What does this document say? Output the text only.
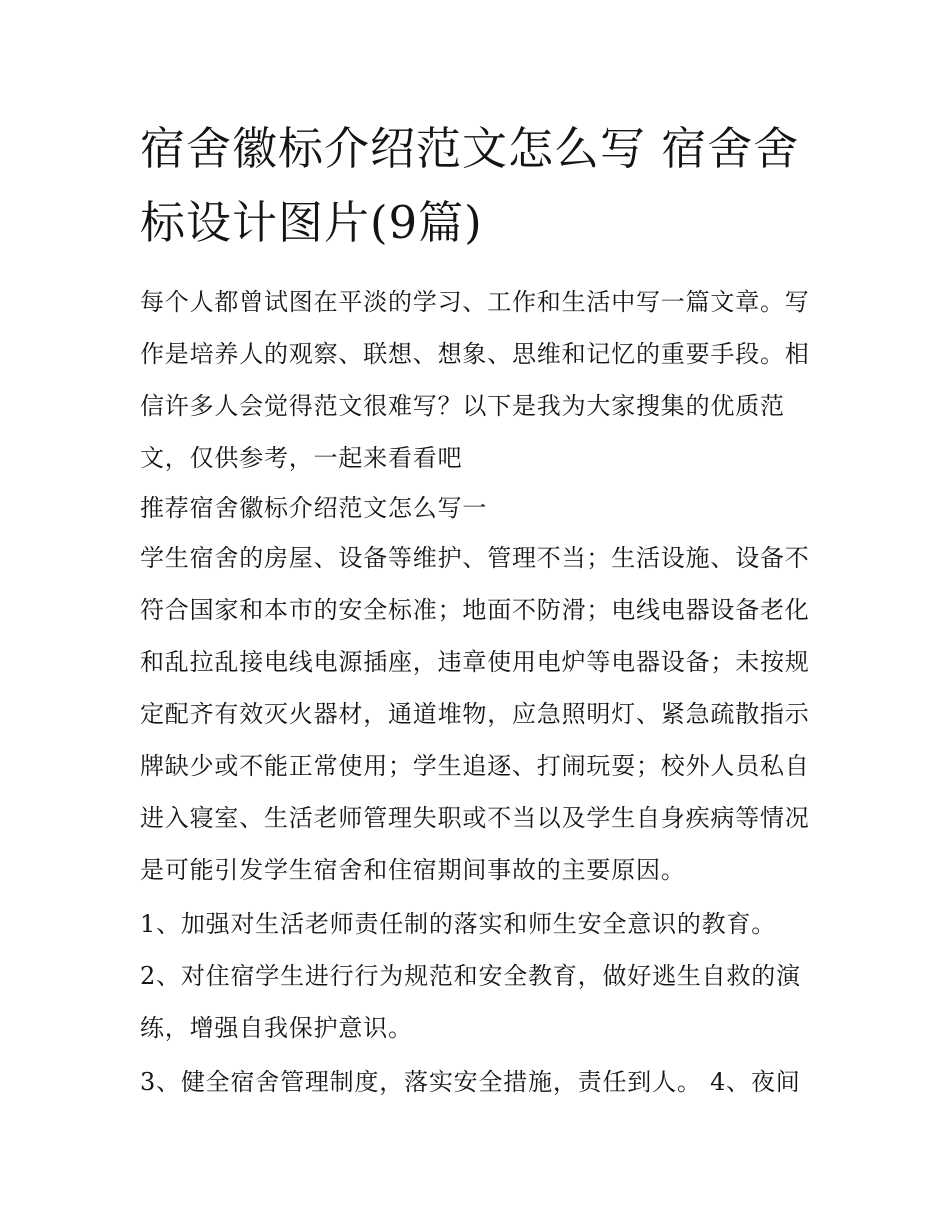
宿舍徽标介绍范文怎么写 宿舍舍标设计图片(9篇)

每个人都曾试图在平淡的学习、工作和生活中写一篇文章。写作是培养人的观察、联想、想象、思维和记忆的重要手段。相信许多人会觉得范文很难写？以下是我为大家搜集的优质范文，仅供参考，一起来看看吧

推荐宿舍徽标介绍范文怎么写一

学生宿舍的房屋、设备等维护、管理不当；生活设施、设备不符合国家和本市的安全标准；地面不防滑；电线电器设备老化和乱拉乱接电线电源插座，违章使用电炉等电器设备；未按规定配齐有效灭火器材，通道堆物，应急照明灯、紧急疏散指示牌缺少或不能正常使用；学生追逐、打闹玩耍；校外人员私自进入寝室、生活老师管理失职或不当以及学生自身疾病等情况是可能引发学生宿舍和住宿期间事故的主要原因。

1、加强对生活老师责任制的落实和师生安全意识的教育。

2、对住宿学生进行行为规范和安全教育，做好逃生自救的演练，增强自我保护意识。

3、健全宿舍管理制度，落实安全措施，责任到人。 4、夜间
